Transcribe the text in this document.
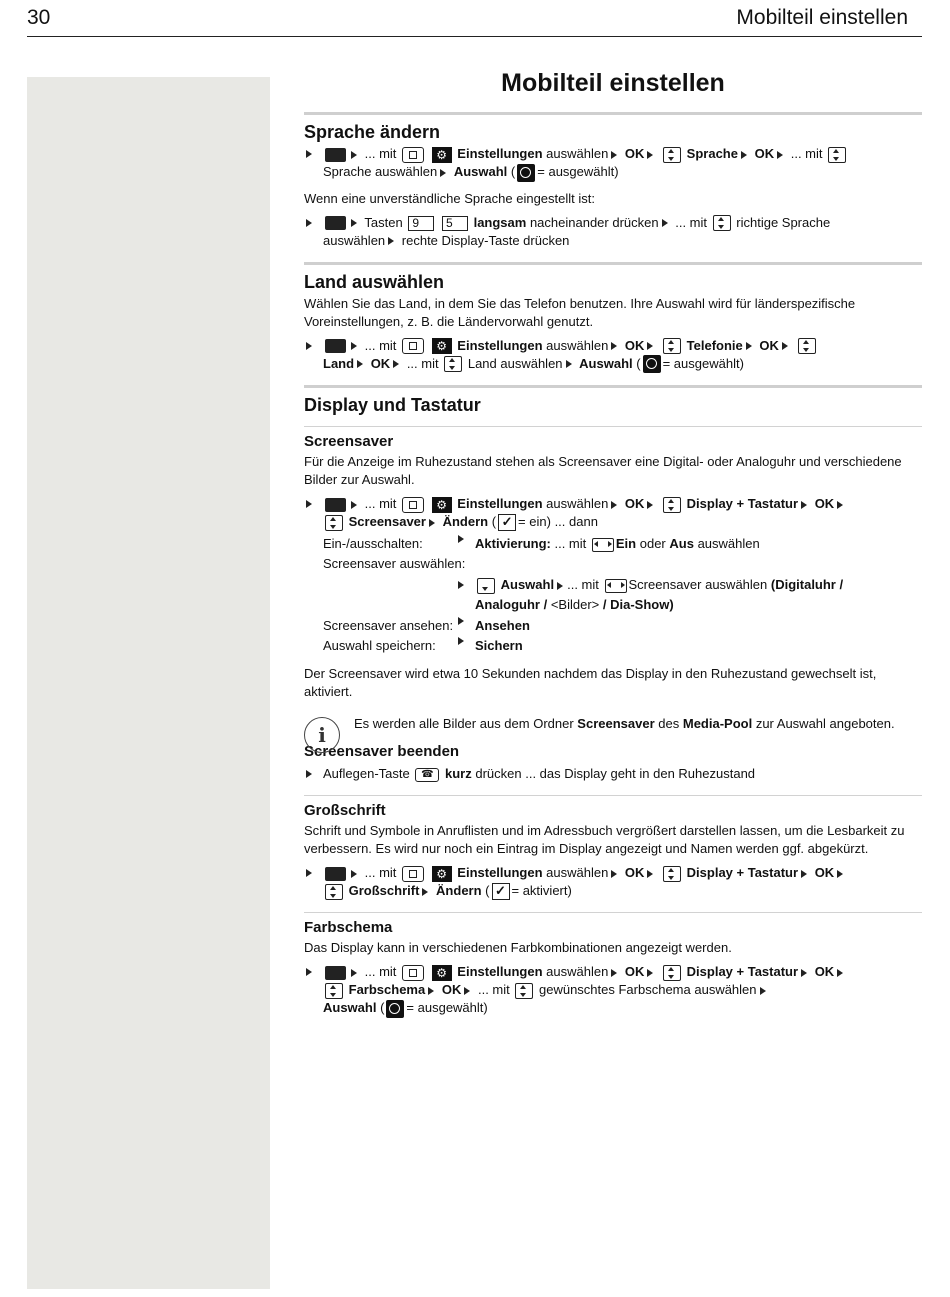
30	Mobilteil einstellen
Mobilteil einstellen
Sprache ändern
... mit	⚙ Einstellungen auswählen OK	Sprache OK ... mit
Sprache auswählen Auswahl ( = ausgewählt)

Wenn eine unverständliche Sprache eingestellt ist:

Tasten 9 5 langsam nacheinander drücken ... mit richtige Sprache
auswählen rechte Display-Taste drücken
Land auswählen

Wählen Sie das Land, in dem Sie das Telefon benutzen. Ihre Auswahl wird für länderspezifische Voreinstellungen, z. B. die Ländervorwahl genutzt.

... mit	⚙ Einstellungen auswählen OK	Telefonie OK
Land OK ... mit Land auswählen Auswahl ( = ausgewählt)
Display und Tastatur
Screensaver

Für die Anzeige im Ruhezustand stehen als Screensaver eine Digital- oder Analoguhr und verschiedene Bilder zur Auswahl.

... mit	⚙ Einstellungen auswählen OK	Display + Tastatur OK
Screensaver Ändern ( ✓ = ein) ... dann
Ein-/ausschalten:	Aktivierung: ... mit Ein oder Aus auswählen
Screensaver auswählen:
Auswahl ... mit Screensaver auswählen (Digitaluhr /
Analoguhr / <Bilder> / Dia-Show)
Screensaver ansehen: Ansehen
Auswahl speichern:	Sichern

Der Screensaver wird etwa 10 Sekunden nachdem das Display in den Ruhezustand gewechselt ist, aktiviert.

i	Es werden alle Bilder aus dem Ordner Screensaver des Media-Pool zur Auswahl angeboten.
Screensaver beenden
Auflegen-Taste ☎ kurz drücken ... das Display geht in den Ruhezustand
Großschrift

Schrift und Symbole in Anruflisten und im Adressbuch vergrößert darstellen lassen, um die Lesbarkeit zu verbessern. Es wird nur noch ein Eintrag im Display angezeigt und Namen werden ggf. abgekürzt.

... mit	⚙ Einstellungen auswählen OK	Display + Tastatur OK
Großschrift Ändern ( ✓ = aktiviert)
Farbschema

Das Display kann in verschiedenen Farbkombinationen angezeigt werden.

... mit	⚙ Einstellungen auswählen OK	Display + Tastatur OK
Farbschema OK ... mit gewünschtes Farbschema auswählen
Auswahl ( = ausgewählt)
